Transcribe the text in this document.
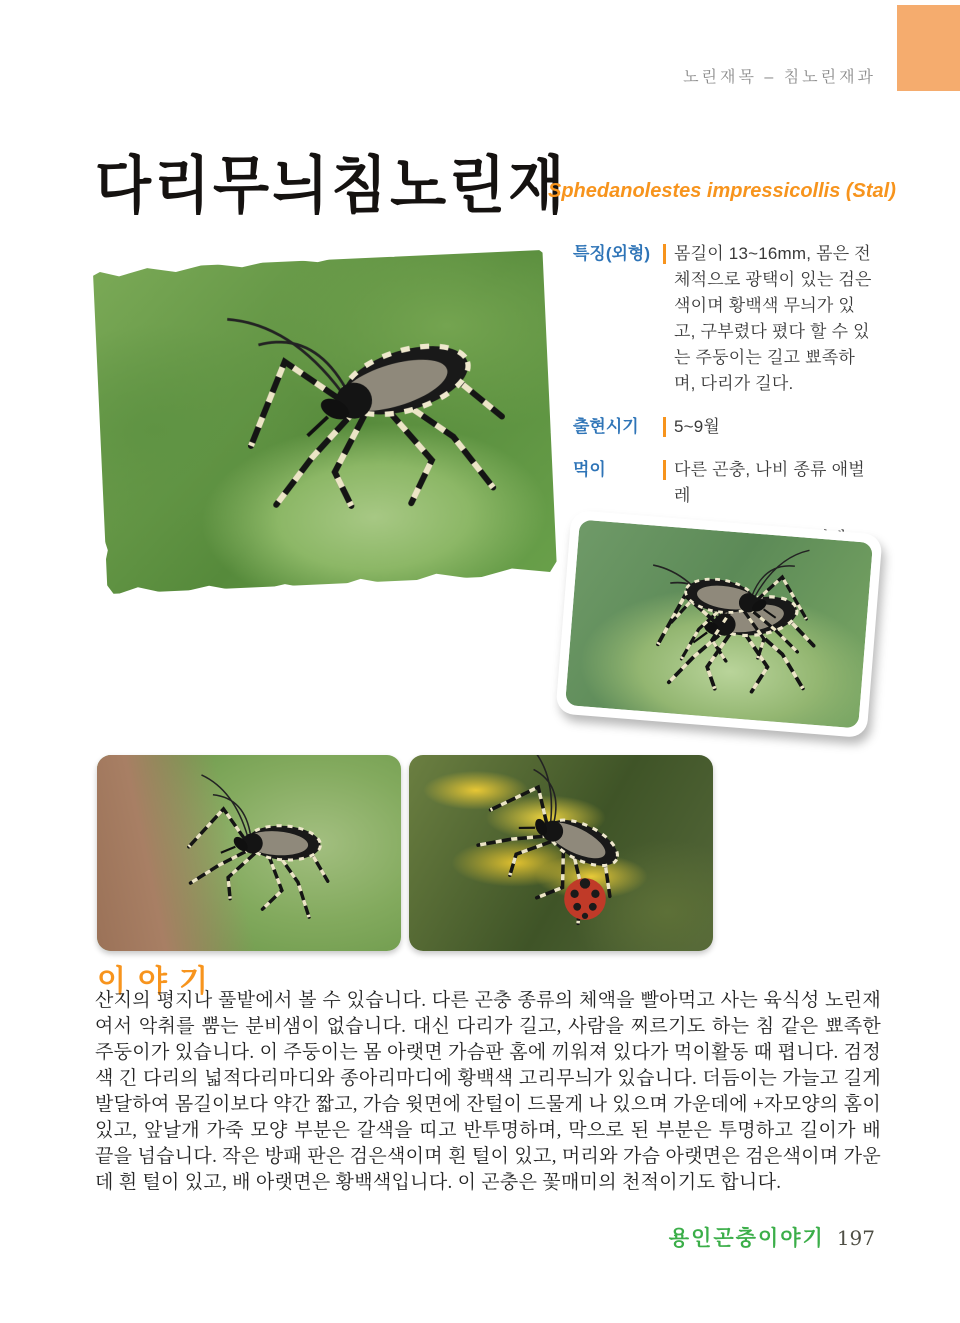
노린재목 – 침노린재과
다리무늬침노린재
Sphedanolestes impressicollis (Stal)
특징(외형)	몸길이 13~16mm, 몸은 전체적으로 광택이 있는 검은색이며 황백색 무늬가 있고, 구부렸다 폈다 할 수 있는 주둥이는 길고 뾰족하며, 다리가 길다.
출현시기	5~9월
먹이	다른 곤충, 나비 종류 애벌레
이야기

산지의 평지나 풀밭에서 볼 수 있습니다. 다른 곤충 종류의 체액을 빨아먹고 사는 육식성 노린재여서 악취를 뿜는 분비샘이 없습니다. 대신 다리가 길고, 사람을 찌르기도 하는 침 같은 뾰족한 주둥이가 있습니다. 이 주둥이는 몸 아랫면 가슴판 홈에 끼워져 있다가 먹이활동 때 폅니다. 검정색 긴 다리의 넓적다리마디와 종아리마디에 황백색 고리무늬가 있습니다. 더듬이는 가늘고 길게 발달하여 몸길이보다 약간 짧고, 가슴 윗면에 잔털이 드물게 나 있으며 가운데에 +자모양의 홈이 있고, 앞날개 가죽 모양 부분은 갈색을 띠고 반투명하며, 막으로 된 부분은 투명하고 길이가 배 끝을 넘습니다. 작은 방패 판은 검은색이며 흰 털이 있고, 머리와 가슴 아랫면은 검은색이며 가운데 흰 털이 있고, 배 아랫면은 황백색입니다. 이 곤충은 꽃매미의 천적이기도 합니다.

용인곤충이야기 197
